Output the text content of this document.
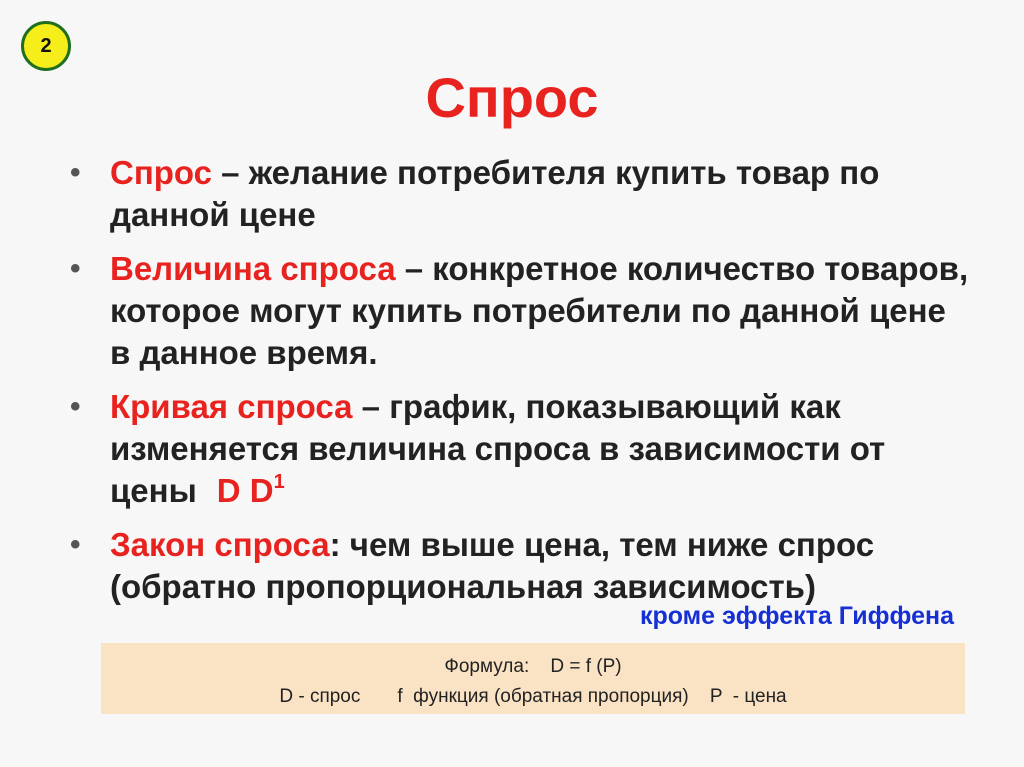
2
Спрос
• Спрос – желание потребителя купить товар по данной цене
• Величина спроса – конкретное количество товаров, которое могут купить потребители по данной цене в данное время.
• Кривая спроса – график, показывающий как изменяется величина спроса в зависимости от цены D $D^1$
• Закон спроса: чем выше цена, тем ниже спрос (обратно пропорциональная зависимость)
кроме эффекта Гиффена
Формула:    D = f (P)
D - спрос       f  функция (обратная пропорция)    P  - цена
